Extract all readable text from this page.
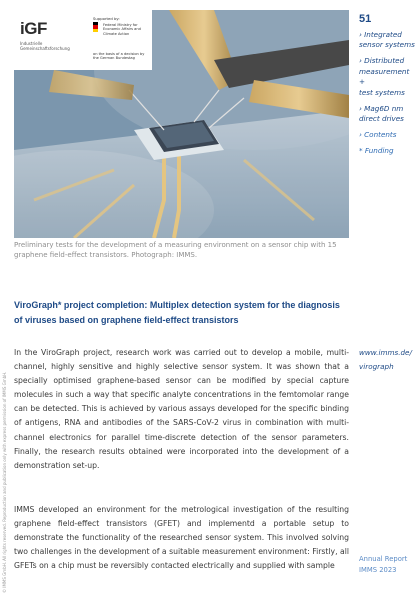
iGF
Industrielle Gemeinschaftsforschung
Supported by:
Federal Ministry for Economic Affairs and Climate Action
on the basis of a decision by the German Bundestag
Preliminary tests for the development of a measuring environment on a sensor chip with 15 graphene field-effect transistors. Photograph: IMMS.
51
› Integrated
sensor systems
› Distributed
measurement +
test systems
› Mag6D nm
direct drives
› Contents
* Funding
ViroGraph* project completion: Multiplex detection system for the diagnosis of viruses based on graphene field-effect transistors

In the ViroGraph project, research work was carried out to develop a mobile, multi-channel, highly sensitive and highly selective sensor system. It was shown that a specially optimised graphene-based sensor can be modified by special capture molecules in such a way that specific analyte concentrations in the femtomolar range can be detected. This is achieved by various assays developed for the specific binding of antigens, RNA and antibodies of the SARS-CoV-2 virus in combination with multi-channel electronics for parallel time-discrete detection of the sensor parameters. Finally, the research results obtained were incorporated into the development of a demonstration set-up.

IMMS developed an environment for the metrological investigation of the resulting graphene field-effect transistors (GFET) and implementd a portable setup to demonstrate the functionality of the researched sensor system. This involved solving two challenges in the development of a suitable measurement environment: Firstly, all GFETs on a chip must be reversibly contacted electrically and supplied with sample

www.imms.de/
virograph
Annual Report
IMMS 2023
© IMMS GmbH. All rights reserved. Reproduction and publication only with express permission of IMMS GmbH.
